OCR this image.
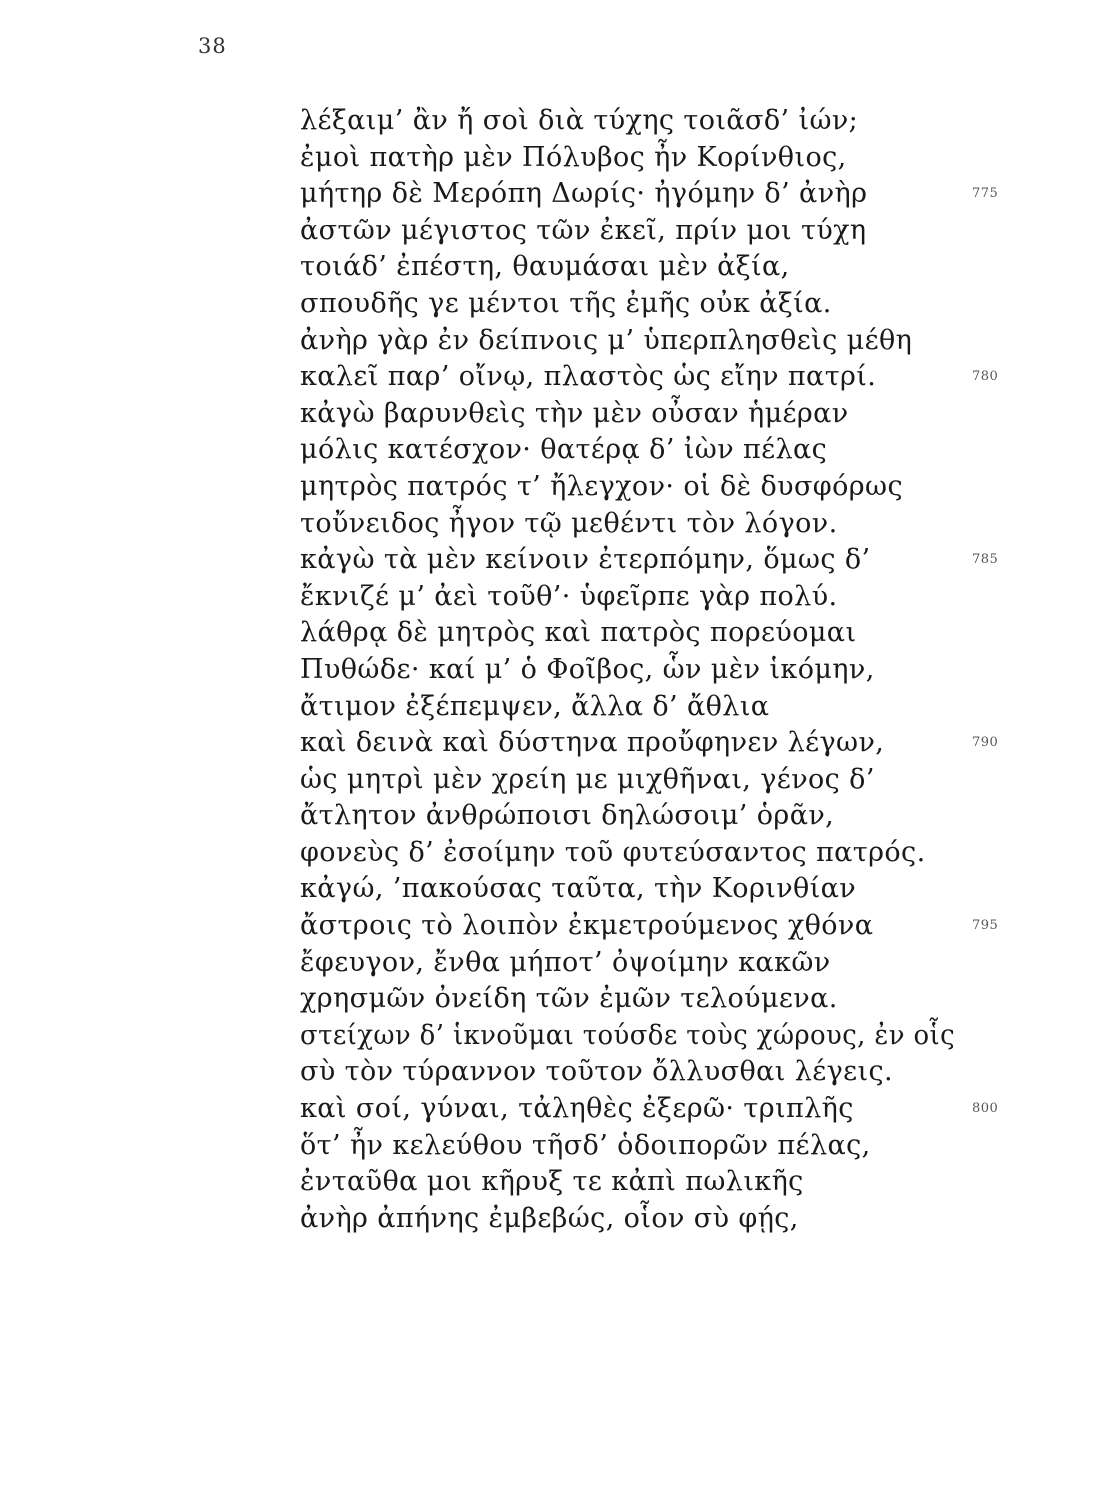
38
λέξαιμ’ ἂν ἤ σοὶ διὰ τύχης τοιᾶσδ’ ἰών;
ἐμοὶ πατὴρ μὲν Πόλυβος ἦν Κορίνθιος,
μήτηρ δὲ Μερόπη Δωρίς· ἠγόμην δ’ ἀνὴρ	775
ἀστῶν μέγιστος τῶν ἐκεῖ, πρίν μοι τύχη
τοιάδ’ ἐπέστη, θαυμάσαι μὲν ἀξία,
σπουδῆς γε μέντοι τῆς ἐμῆς οὐκ ἀξία.
ἀνὴρ γὰρ ἐν δείπνοις μ’ ὑπερπλησθεὶς μέθη
καλεῖ παρ’ οἴνῳ, πλαστὸς ὡς εἴην πατρί.	780
κἀγὼ βαρυνθεὶς τὴν μὲν οὖσαν ἡμέραν
μόλις κατέσχον· θατέρᾳ δ’ ἰὼν πέλας
μητρὸς πατρός τ’ ἤλεγχον· οἱ δὲ δυσφόρως
τοὔνειδος ἦγον τῷ μεθέντι τὸν λόγον.
κἀγὼ τὰ μὲν κείνοιν ἐτερπόμην, ὅμως δ’	785
ἔκνιζέ μ’ ἀεὶ τοῦθ’· ὑφεῖρπε γὰρ πολύ.
λάθρᾳ δὲ μητρὸς καὶ πατρὸς πορεύομαι
Πυθώδε· καί μ’ ὁ Φοῖβος, ὧν μὲν ἱκόμην,
ἄτιμον ἐξέπεμψεν, ἄλλα δ’ ἄθλια
καὶ δεινὰ καὶ δύστηνα προὔφηνεν λέγων,	790
ὡς μητρὶ μὲν χρείη με μιχθῆναι, γένος δ’
ἄτλητον ἀνθρώποισι δηλώσοιμ’ ὁρᾶν,
φονεὺς δ’ ἐσοίμην τοῦ φυτεύσαντος πατρός.
κἀγώ, ’πακούσας ταῦτα, τὴν Κορινθίαν
ἄστροις τὸ λοιπὸν ἐκμετρούμενος χθόνα	795
ἔφευγον, ἔνθα μήποτ’ ὀψοίμην κακῶν
χρησμῶν ὀνείδη τῶν ἐμῶν τελούμενα.
στείχων δ’ ἱκνοῦμαι τούσδε τοὺς χώρους, ἐν οἷς
σὺ τὸν τύραννον τοῦτον ὄλλυσθαι λέγεις.
καὶ σοί, γύναι, τἀληθὲς ἐξερῶ· τριπλῆς	800
ὅτ’ ἦν κελεύθου τῆσδ’ ὁδοιπορῶν πέλας,
ἐνταῦθα μοι κῆρυξ τε κἀπὶ πωλικῆς
ἀνὴρ ἀπήνης ἐμβεβώς, οἷον σὺ φῄς,
